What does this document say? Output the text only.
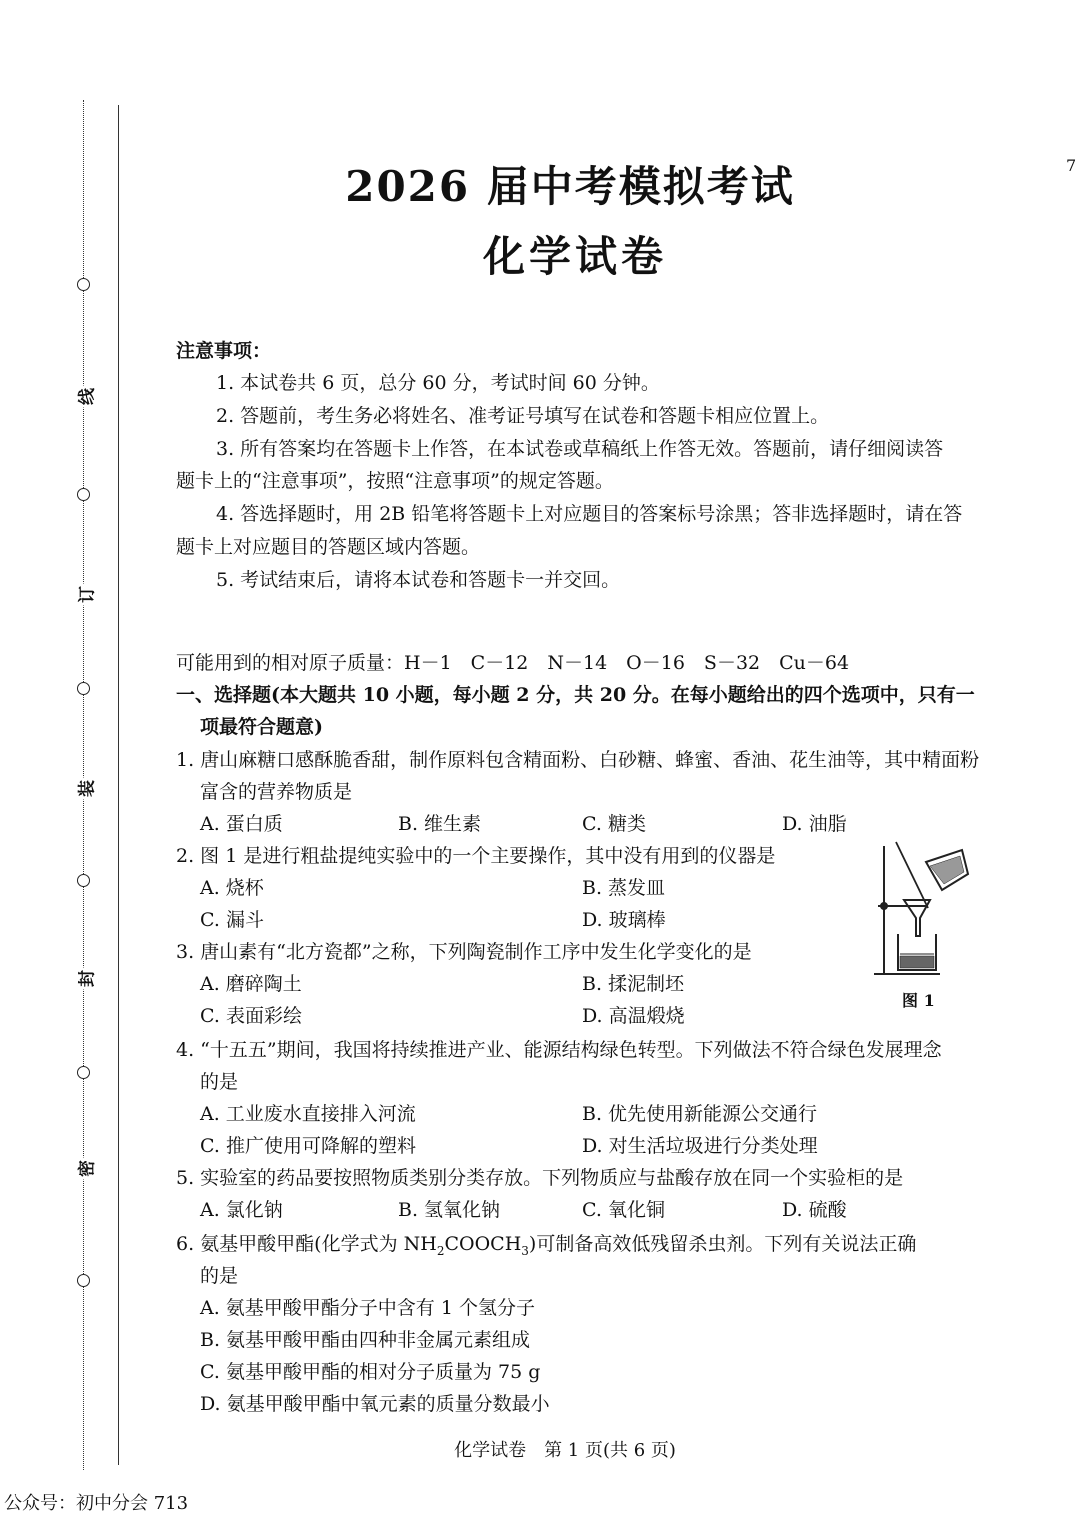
线
订
装
封
密
7
2026 届中考模拟考试
化学试卷
注意事项：
1. 本试卷共 6 页，总分 60 分，考试时间 60 分钟。
2. 答题前，考生务必将姓名、准考证号填写在试卷和答题卡相应位置上。
3. 所有答案均在答题卡上作答，在本试卷或草稿纸上作答无效。答题前，请仔细阅读答
题卡上的“注意事项”，按照“注意事项”的规定答题。
4. 答选择题时，用 2B 铅笔将答题卡上对应题目的答案标号涂黑；答非选择题时，请在答
题卡上对应题目的答题区域内答题。
5. 考试结束后，请将本试卷和答题卡一并交回。
可能用到的相对原子质量：H－1　C－12　N－14　O－16　S－32　Cu－64
一、选择题(本大题共 10 小题，每小题 2 分，共 20 分。在每小题给出的四个选项中，只有一
项最符合题意)
1. 唐山麻糖口感酥脆香甜，制作原料包含精面粉、白砂糖、蜂蜜、香油、花生油等，其中精面粉
富含的营养物质是
A. 蛋白质	B. 维生素	C. 糖类	D. 油脂
2. 图 1 是进行粗盐提纯实验中的一个主要操作，其中没有用到的仪器是
A. 烧杯	B. 蒸发皿
C. 漏斗	D. 玻璃棒
图 1
3. 唐山素有“北方瓷都”之称，下列陶瓷制作工序中发生化学变化的是
A. 磨碎陶土	B. 揉泥制坯
C. 表面彩绘	D. 高温煅烧
4. “十五五”期间，我国将持续推进产业、能源结构绿色转型。下列做法不符合绿色发展理念
的是
A. 工业废水直接排入河流	B. 优先使用新能源公交通行
C. 推广使用可降解的塑料	D. 对生活垃圾进行分类处理
5. 实验室的药品要按照物质类别分类存放。下列物质应与盐酸存放在同一个实验柜的是
A. 氯化钠	B. 氢氧化钠	C. 氧化铜	D. 硫酸
6. 氨基甲酸甲酯(化学式为 $NH_2COOCH_3$)可制备高效低残留杀虫剂。下列有关说法正确
的是
A. 氨基甲酸甲酯分子中含有 1 个氢分子
B. 氨基甲酸甲酯由四种非金属元素组成
C. 氨基甲酸甲酯的相对分子质量为 75 g
D. 氨基甲酸甲酯中氧元素的质量分数最小
化学试卷　第 1 页(共 6 页)
公众号：初中分会 713
